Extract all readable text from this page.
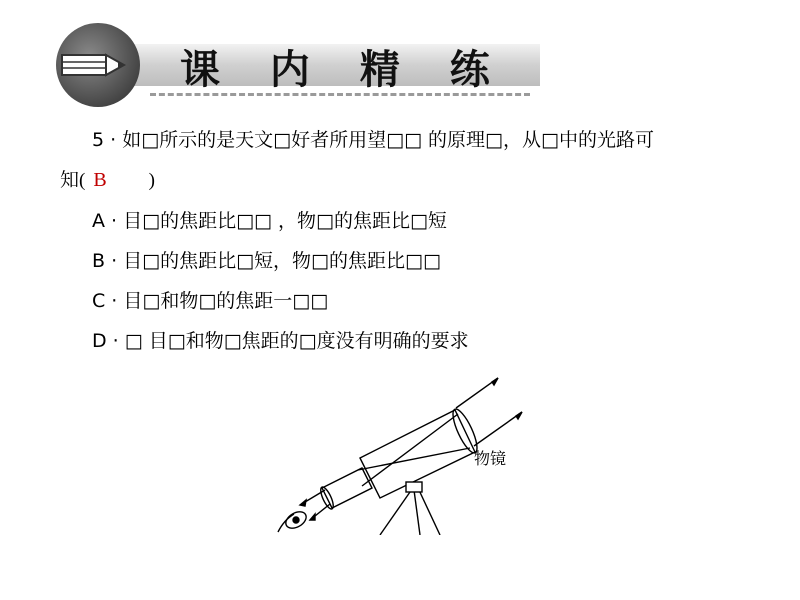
课 内 精 练
5 · 如□所示的是天文□好者所用望□□ 的原理□，从□中的光路可
知( B )
A · 目□的焦距比□□ ，物□的焦距比□短
B · 目□的焦距比□短，物□的焦距比□□
C · 目□和物□的焦距一□□
D · □ 目□和物□焦距的□度没有明确的要求
物镜
